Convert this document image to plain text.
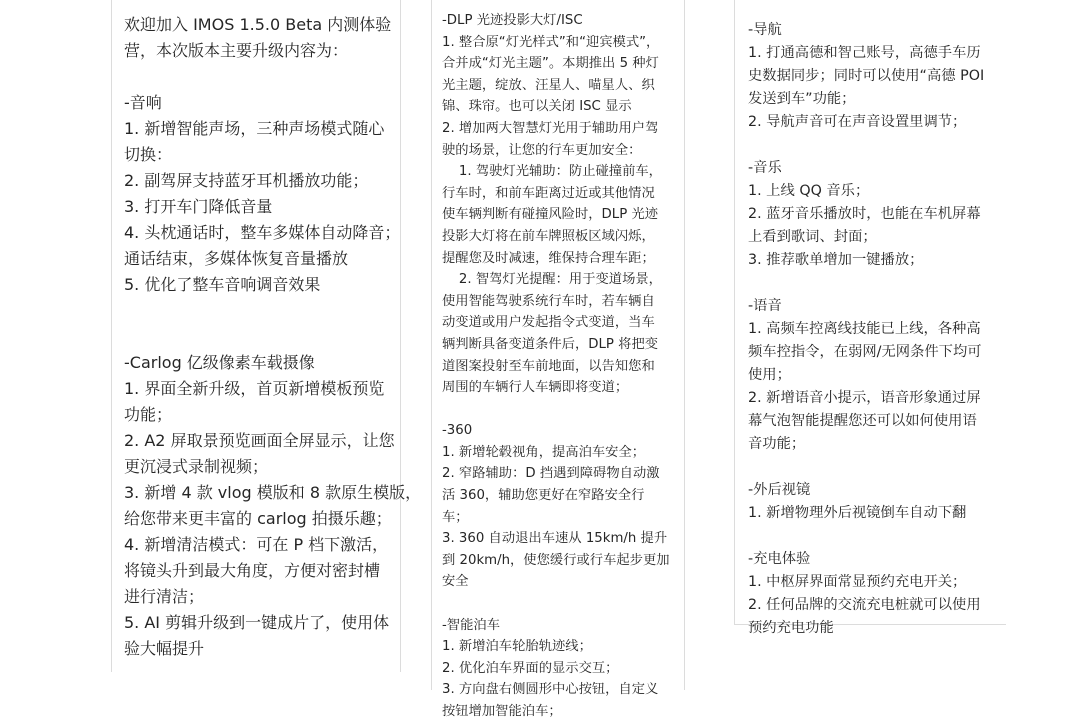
欢迎加入 IMOS 1.5.0 Beta 内测体验
营，本次版本主要升级内容为：
-音响
1. 新增智能声场，三种声场模式随心
切换：
2. 副驾屏支持蓝牙耳机播放功能；
3. 打开车门降低音量
4. 头枕通话时，整车多媒体自动降音；
通话结束，多媒体恢复音量播放
5. 优化了整车音响调音效果
-Carlog 亿级像素车载摄像
1. 界面全新升级，首页新增模板预览
功能；
2. A2 屏取景预览画面全屏显示，让您
更沉浸式录制视频；
3. 新增 4 款 vlog 模版和 8 款原生模版，
给您带来更丰富的 carlog 拍摄乐趣；
4. 新增清洁模式：可在 P 档下激活，
将镜头升到最大角度，方便对密封槽
进行清洁；
5. AI 剪辑升级到一键成片了，使用体
验大幅提升
-DLP 光迹投影大灯/ISC
1. 整合原“灯光样式”和“迎宾模式”，
合并成“灯光主题”。本期推出 5 种灯
光主题，绽放、汪星人、喵星人、织
锦、珠帘。也可以关闭 ISC 显示
2. 增加两大智慧灯光用于辅助用户驾
驶的场景，让您的行车更加安全：
1. 驾驶灯光辅助：防止碰撞前车，
行车时，和前车距离过近或其他情况
使车辆判断有碰撞风险时，DLP 光迹
投影大灯将在前车牌照板区域闪烁，
提醒您及时减速，维保持合理车距；
2. 智驾灯光提醒：用于变道场景，
使用智能驾驶系统行车时，若车辆自
动变道或用户发起指令式变道，当车
辆判断具备变道条件后，DLP 将把变
道图案投射至车前地面，以告知您和
周围的车辆行人车辆即将变道；
-360
1. 新增轮毂视角，提高泊车安全；
2. 窄路辅助：D 挡遇到障碍物自动激
活 360，辅助您更好在窄路安全行
车；
3. 360 自动退出车速从 15km/h 提升
到 20km/h，使您缓行或行车起步更加
安全
-智能泊车
1. 新增泊车轮胎轨迹线；
2. 优化泊车界面的显示交互；
3. 方向盘右侧圆形中心按钮，自定义
按钮增加智能泊车；
-导航
1. 打通高德和智己账号，高德手车历
史数据同步；同时可以使用“高德 POI
发送到车”功能；
2. 导航声音可在声音设置里调节；
-音乐
1. 上线 QQ 音乐；
2. 蓝牙音乐播放时，也能在车机屏幕
上看到歌词、封面；
3. 推荐歌单增加一键播放；
-语音
1. 高频车控离线技能已上线，各种高
频车控指令，在弱网/无网条件下均可
使用；
2. 新增语音小提示，语音形象通过屏
幕气泡智能提醒您还可以如何使用语
音功能；
-外后视镜
1. 新增物理外后视镜倒车自动下翻
-充电体验
1. 中枢屏界面常显预约充电开关；
2. 任何品牌的交流充电桩就可以使用
预约充电功能
